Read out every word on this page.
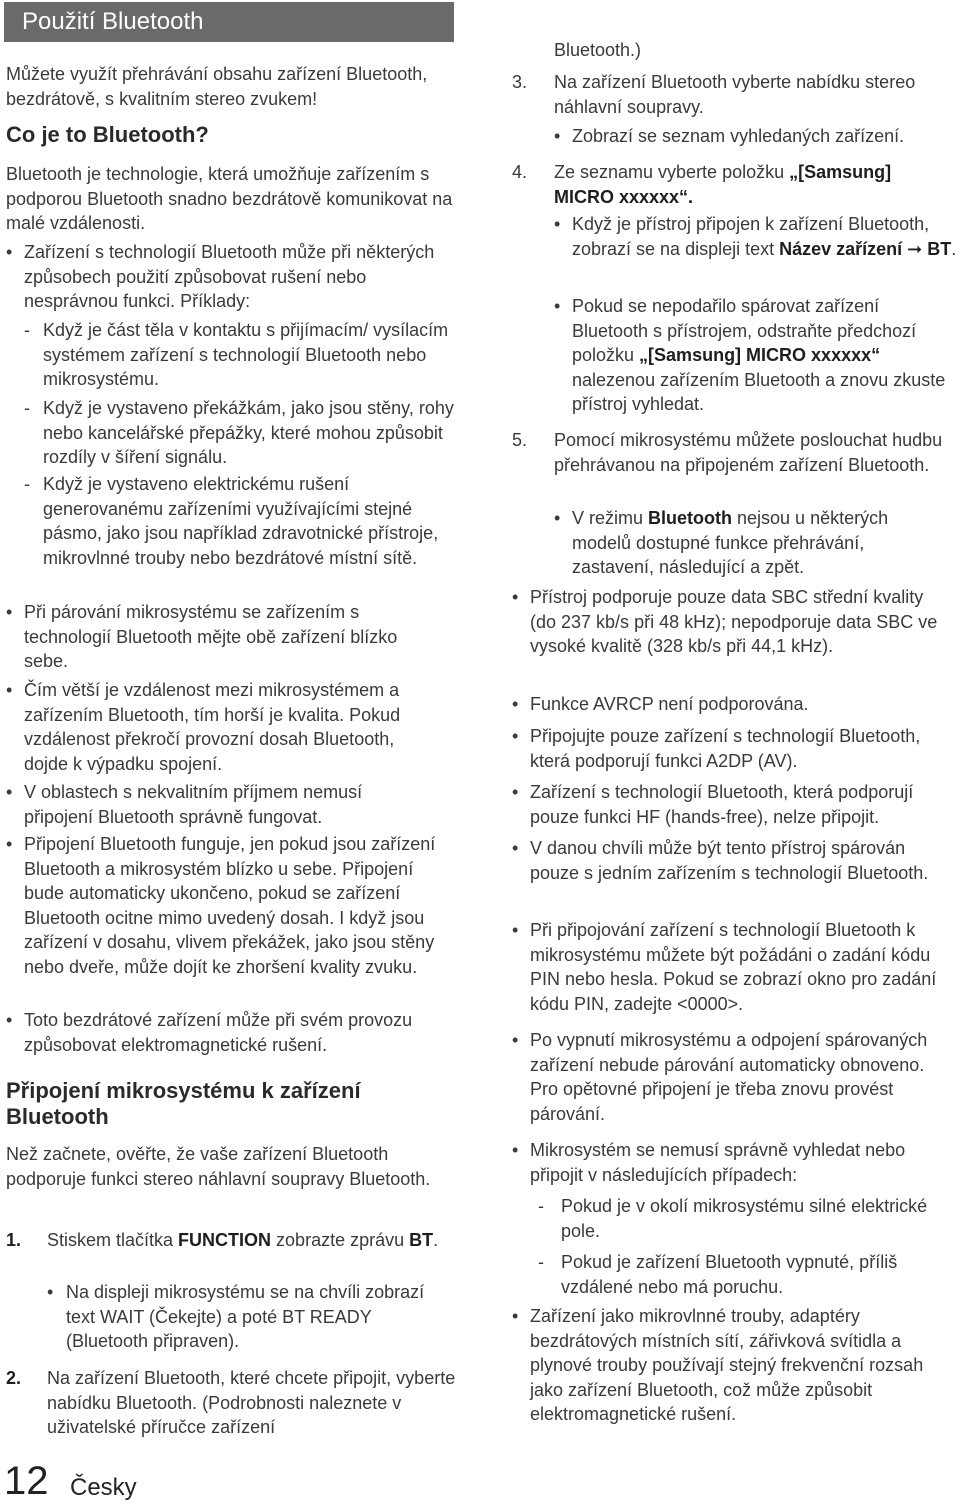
Použití Bluetooth

Můžete využít přehrávání obsahu zařízení Bluetooth, bezdrátově, s kvalitním stereo zvukem!

Co je to Bluetooth?

Bluetooth je technologie, která umožňuje zařízením s podporou Bluetooth snadno bezdrátově komunikovat na malé vzdálenosti.

• Zařízení s technologií Bluetooth může při některých způsobech použití způsobovat rušení nebo nesprávnou funkci. Příklady:
- Když je část těla v kontaktu s přijímacím/ vysílacím systémem zařízení s technologií Bluetooth nebo mikrosystému.
- Když je vystaveno překážkám, jako jsou stěny, rohy nebo kancelářské přepážky, které mohou způsobit rozdíly v šíření signálu.
- Když je vystaveno elektrickému rušení generovanému zařízeními využívajícími stejné pásmo, jako jsou například zdravotnické přístroje, mikrovlnné trouby nebo bezdrátové místní sítě.
• Při párování mikrosystému se zařízením s technologií Bluetooth mějte obě zařízení blízko sebe.
• Čím větší je vzdálenost mezi mikrosystémem a zařízením Bluetooth, tím horší je kvalita. Pokud vzdálenost překročí provozní dosah Bluetooth, dojde k výpadku spojení.
• V oblastech s nekvalitním příjmem nemusí připojení Bluetooth správně fungovat.
• Připojení Bluetooth funguje, jen pokud jsou zařízení Bluetooth a mikrosystém blízko u sebe. Připojení bude automaticky ukončeno, pokud se zařízení Bluetooth ocitne mimo uvedený dosah. I když jsou zařízení v dosahu, vlivem překážek, jako jsou stěny nebo dveře, může dojít ke zhoršení kvality zvuku.
• Toto bezdrátové zařízení může při svém provozu způsobovat elektromagnetické rušení.
Připojení mikrosystému k zařízení Bluetooth

Než začnete, ověřte, že vaše zařízení Bluetooth podporuje funkci stereo náhlavní soupravy Bluetooth.

1.	Stiskem tlačítka FUNCTION zobrazte zprávu BT.
• Na displeji mikrosystému se na chvíli zobrazí text WAIT (Čekejte) a poté BT READY (Bluetooth připraven).
2.	Na zařízení Bluetooth, které chcete připojit, vyberte nabídku Bluetooth. (Podrobnosti naleznete v uživatelské příručce zařízení
12 Česky

Bluetooth.)

3.	Na zařízení Bluetooth vyberte nabídku stereo náhlavní soupravy.
• Zobrazí se seznam vyhledaných zařízení.
4.	Ze seznamu vyberte položku „[Samsung] MICRO xxxxxx“.
• Když je přístroj připojen k zařízení Bluetooth, zobrazí se na displeji text Název zařízení ➞ BT.
• Pokud se nepodařilo spárovat zařízení Bluetooth s přístrojem, odstraňte předchozí položku „[Samsung] MICRO xxxxxx“ nalezenou zařízením Bluetooth a znovu zkuste přístroj vyhledat.
5.	Pomocí mikrosystému můžete poslouchat hudbu přehrávanou na připojeném zařízení Bluetooth.
• V režimu Bluetooth nejsou u některých modelů dostupné funkce přehrávání, zastavení, následující a zpět.
• Přístroj podporuje pouze data SBC střední kvality (do 237 kb/s při 48 kHz); nepodporuje data SBC ve vysoké kvalitě (328 kb/s při 44,1 kHz).
• Funkce AVRCP není podporována.
• Připojujte pouze zařízení s technologií Bluetooth, která podporují funkci A2DP (AV).
• Zařízení s technologií Bluetooth, která podporují pouze funkci HF (hands-free), nelze připojit.
• V danou chvíli může být tento přístroj spárován pouze s jedním zařízením s technologií Bluetooth.
• Při připojování zařízení s technologií Bluetooth k mikrosystému můžete být požádáni o zadání kódu PIN nebo hesla. Pokud se zobrazí okno pro zadání kódu PIN, zadejte <0000>.
• Po vypnutí mikrosystému a odpojení spárovaných zařízení nebude párování automaticky obnoveno. Pro opětovné připojení je třeba znovu provést párování.
• Mikrosystém se nemusí správně vyhledat nebo připojit v následujících případech:
- Pokud je v okolí mikrosystému silné elektrické pole.
- Pokud je zařízení Bluetooth vypnuté, příliš vzdálené nebo má poruchu.
• Zařízení jako mikrovlnné trouby, adaptéry bezdrátových místních sítí, zářivková svítidla a plynové trouby používají stejný frekvenční rozsah jako zařízení Bluetooth, což může způsobit elektromagnetické rušení.
